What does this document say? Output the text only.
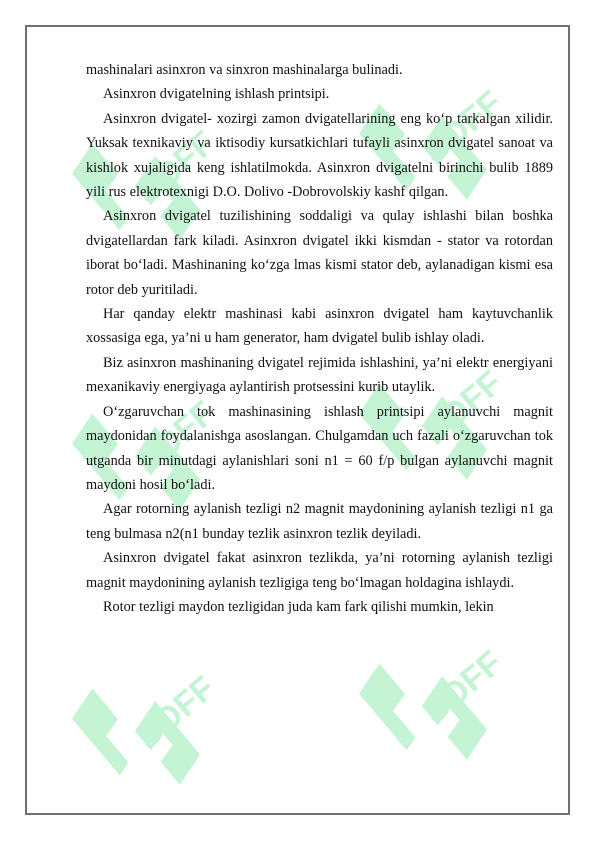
SOFF	SOFF
SOFF	SOFF
SOFF	SOFF

mashinalari asinxron va sinxron mashinalarga bulinadi.

Asinxron dvigatelning ishlash printsipi.

Asinxron dvigatel- xozirgi zamon dvigatellarining eng ko‘p tarkalgan xilidir. Yuksak texnikaviy va iktisodiy kursatkichlari tufayli asinxron dvigatel sanoat va kishlok xujaligida keng ishlatilmokda. Asinxron dvigatelni birinchi bulib 1889 yili rus elektrotexnigi D.O. Dolivo -Dobrovolskiy kashf qilgan.

Asinxron dvigatel tuzilishining soddaligi va qulay ishlashi bilan boshka dvigatellardan fark kiladi. Asinxron dvigatel ikki kismdan - stator va rotordan iborat bo‘ladi. Mashinaning ko‘zga lmas kismi stator deb, aylanadigan kismi esa rotor deb yuritiladi.

Har qanday elektr mashinasi kabi asinxron dvigatel ham kaytuvchanlik xossasiga ega, ya’ni u ham generator, ham dvigatel bulib ishlay oladi.

Biz asinxron mashinaning dvigatel rejimida ishlashini, ya’ni elektr energiyani mexanikaviy energiyaga aylantirish protsessini kurib utaylik.

O‘zgaruvchan tok mashinasining ishlash printsipi aylanuvchi magnit maydonidan foydalanishga asoslangan. Chulgamdan uch fazali o‘zgaruvchan tok utganda bir minutdagi aylanishlari soni n1 = 60 f/p bulgan aylanuvchi magnit maydoni hosil bo‘ladi.

Agar rotorning aylanish tezligi n2 magnit maydonining aylanish tezligi n1 ga teng bulmasa n2(n1 bunday tezlik asinxron tezlik deyiladi.

Asinxron dvigatel fakat asinxron tezlikda, ya’ni rotorning aylanish tezligi magnit maydonining aylanish tezligiga teng bo‘lmagan holdagina ishlaydi.

Rotor tezligi maydon tezligidan juda kam fark qilishi mumkin, lekin
